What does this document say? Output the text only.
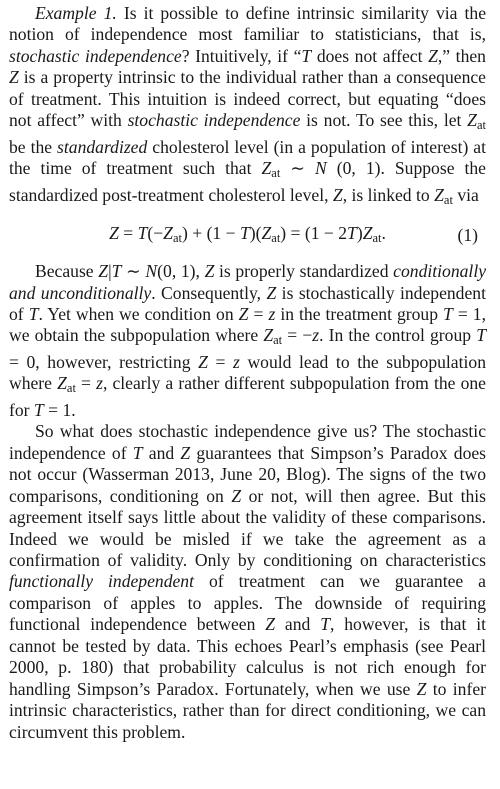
Example 1. Is it possible to define intrinsic similarity via the notion of independence most familiar to statisticians, that is, stochastic independence? Intuitively, if “T does not affect Z,” then Z is a property intrinsic to the individual rather than a consequence of treatment. This intuition is indeed correct, but equating “does not affect” with stochastic independence is not. To see this, let $Z_{at}$ be the standardized cholesterol level (in a population of interest) at the time of treatment such that $Z_{at}$ ∼ N (0, 1). Suppose the standardized post-treatment cholesterol level, Z, is linked to $Z_{at}$ via

$Z = T(-Z_{at}) + (1 - T)(Z_{at}) = (1 - 2T)Z_{at}$.	(1)

Because Z|T ∼ N(0, 1), Z is properly standardized conditionally and unconditionally. Consequently, Z is stochastically independent of T. Yet when we condition on Z = z in the treatment group T = 1, we obtain the subpopulation where $Z_{at} = -z$. In the control group T = 0, however, restricting Z = z would lead to the subpopulation where $Z_{at} = z$, clearly a rather different subpopulation from the one for T = 1.

So what does stochastic independence give us? The stochastic independence of T and Z guarantees that Simpson’s Paradox does not occur (Wasserman 2013, June 20, Blog). The signs of the two comparisons, conditioning on Z or not, will then agree. But this agreement itself says little about the validity of these comparisons. Indeed we would be misled if we take the agreement as a confirmation of validity. Only by conditioning on characteristics functionally independent of treatment can we guarantee a comparison of apples to apples. The downside of requiring functional independence between Z and T, however, is that it cannot be tested by data. This echoes Pearl’s emphasis (see Pearl 2000, p. 180) that probability calculus is not rich enough for handling Simpson’s Paradox. Fortunately, when we use Z to infer intrinsic characteristics, rather than for direct conditioning, we can circumvent this problem.
